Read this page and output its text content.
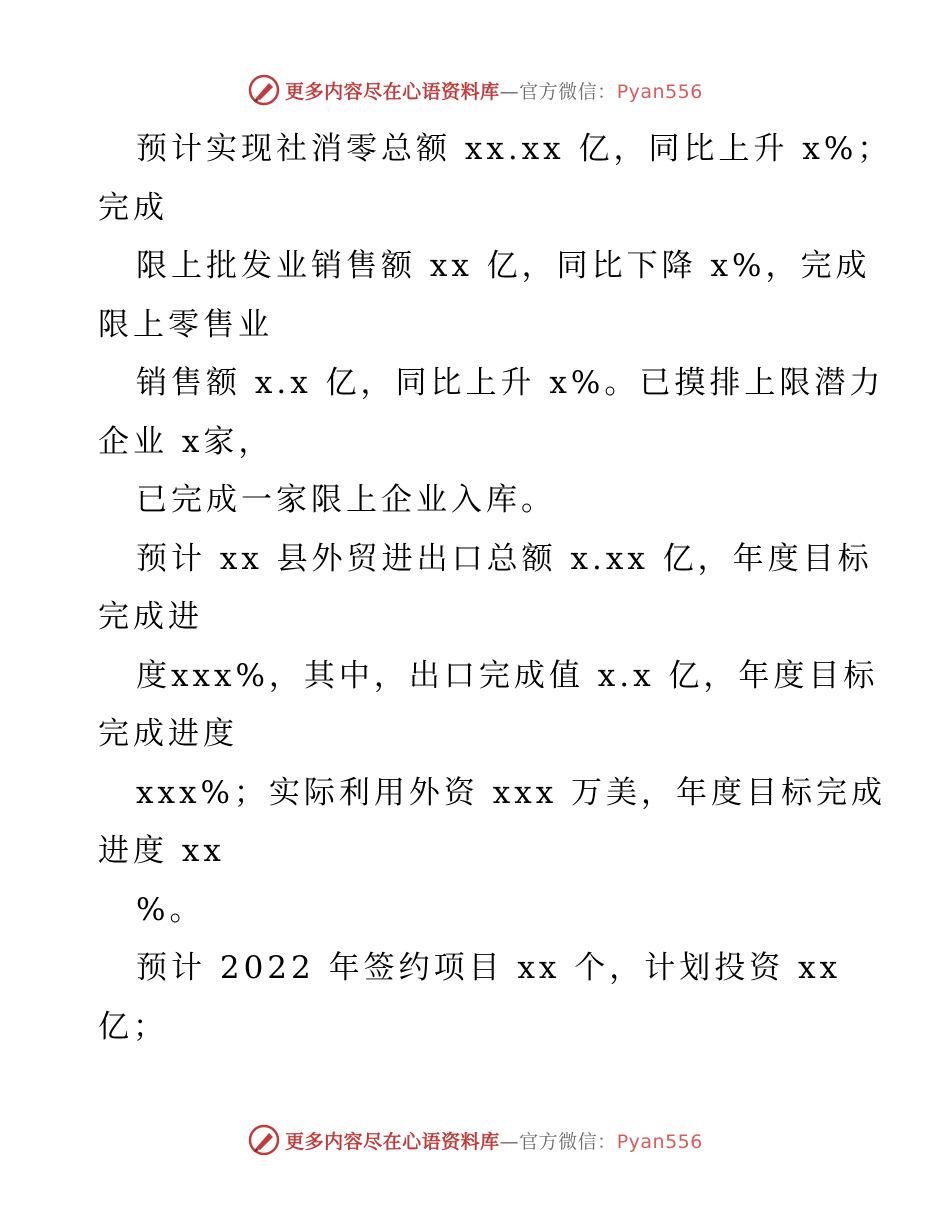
更多内容尽在心语资料库—官方微信：Pyan556
预计实现社消零总额 xx.xx 亿，同比上升 x%；
完成
限上批发业销售额 xx 亿，同比下降 x%，完成
限上零售业
销售额 x.x 亿，同比上升 x%。已摸排上限潜力
企业 x家，
已完成一家限上企业入库。
预计 xx 县外贸进出口总额 x.xx 亿，年度目标
完成进
度xxx%，其中，出口完成值 x.x 亿，年度目标
完成进度
xxx%；实际利用外资 xxx 万美，年度目标完成
进度 xx
%。
预计 2022 年签约项目 xx 个，计划投资 xx
亿；
更多内容尽在心语资料库—官方微信：Pyan556
